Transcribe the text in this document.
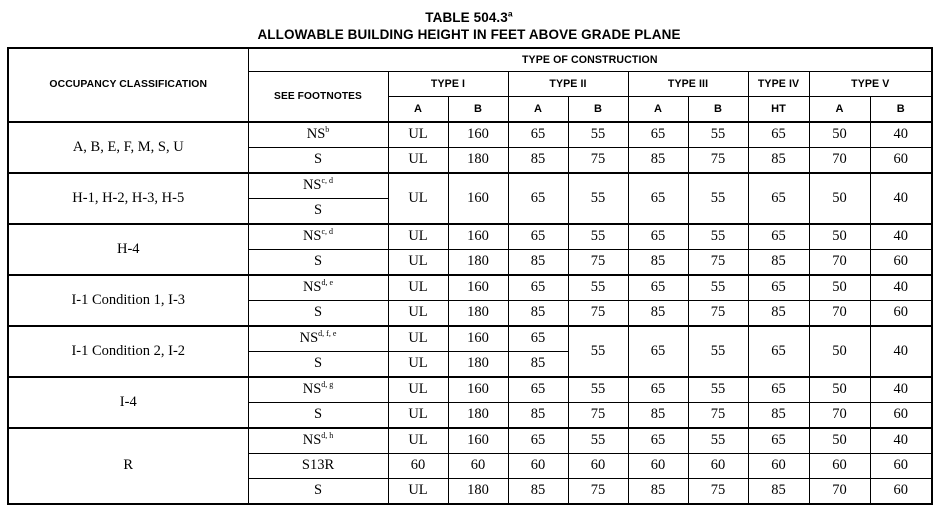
TABLE 504.3$^a$
ALLOWABLE BUILDING HEIGHT IN FEET ABOVE GRADE PLANE
OCCUPANCY CLASSIFICATION	TYPE OF CONSTRUCTION									
	SEE FOOTNOTES	TYPE I		TYPE II		TYPE III		TYPE IV	TYPE V	
		A	B	A	B	A	B	HT	A	B
A, B, E, F, M, S, U	$NS^b$	UL	160	65	55	65	55	65	50	40
	S	UL	180	85	75	85	75	85	70	60
H-1, H-2, H-3, H-5	NS$^{c, d}$	UL	160	65	55	65	55	65	50	40
	S									
H-4	NS$^{c, d}$	UL	160	65	55	65	55	65	50	40
	S	UL	180	85	75	85	75	85	70	60
I-1 Condition 1, I-3	NS$^{d, e}$	UL	160	65	55	65	55	65	50	40
	S	UL	180	85	75	85	75	85	70	60
I-1 Condition 2, I-2	NS$^{d, f, e}$	UL	160	65	55	65	55	65	50	40
	S	UL	180	85						
I-4	NS$^{d, g}$	UL	160	65	55	65	55	65	50	40
	S	UL	180	85	75	85	75	85	70	60
R	NS$^{d, h}$	UL	160	65	55	65	55	65	50	40
	S13R	60	60	60	60	60	60	60	60	60
	S	UL	180	85	75	85	75	85	70	60
